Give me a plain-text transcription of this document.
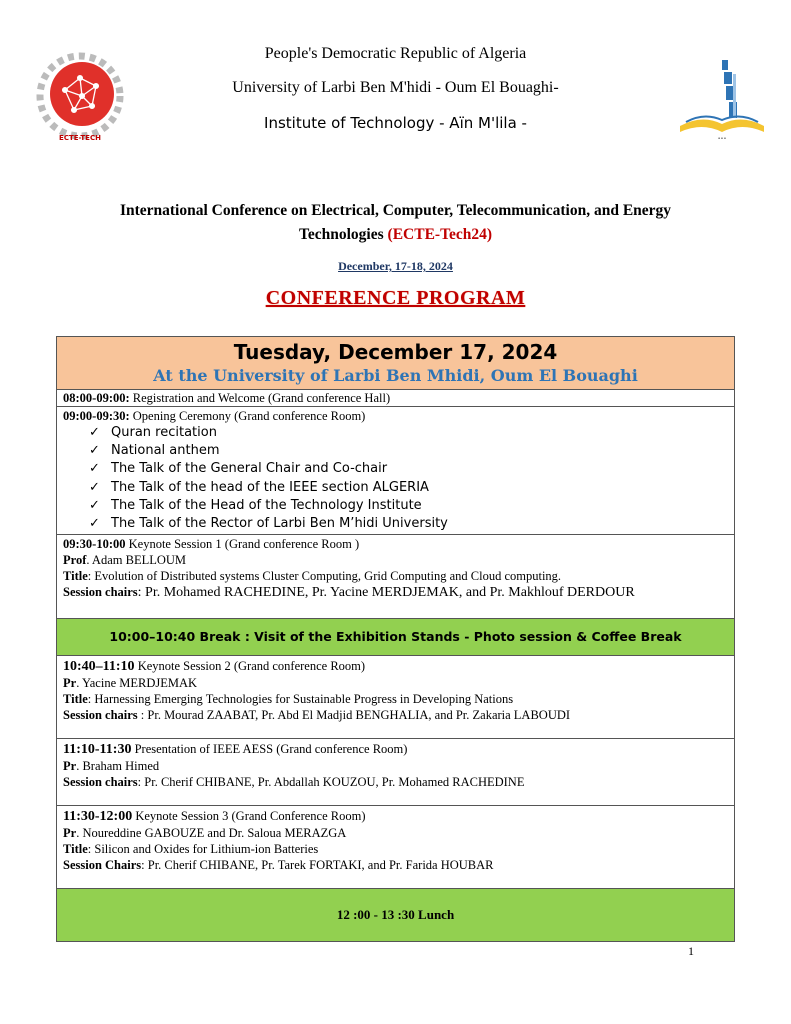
ECTE-TECH	•••
People's Democratic Republic of Algeria
University of Larbi Ben M'hidi - Oum El Bouaghi-
Institute of Technology - Aïn M'lila -
International Conference on Electrical, Computer, Telecommunication, and Energy Technologies (ECTE-Tech24)
December, 17-18, 2024
CONFERENCE PROGRAM
Tuesday, December 17, 2024
At the University of Larbi Ben Mhidi, Oum El Bouaghi

08:00-09:00: Registration and Welcome (Grand conference Hall)

09:00-09:30: Opening Ceremony (Grand conference Room)
✓ Quran recitation
✓ National anthem
✓ The Talk of the General Chair and Co-chair
✓ The Talk of the head of the IEEE section ALGERIA
✓ The Talk of the Head of the Technology Institute
✓ The Talk of the Rector of Larbi Ben M’hidi University

09:30-10:00 Keynote Session 1 (Grand conference Room )
Prof. Adam BELLOUM
Title: Evolution of Distributed systems Cluster Computing, Grid Computing and Cloud computing.
Session chairs: Pr. Mohamed RACHEDINE, Pr. Yacine MERDJEMAK, and Pr. Makhlouf DERDOUR

10:00–10:40 Break : Visit of the Exhibition Stands - Photo session & Coffee Break

10:40–11:10 Keynote Session 2 (Grand conference Room)
Pr. Yacine MERDJEMAK
Title: Harnessing Emerging Technologies for Sustainable Progress in Developing Nations
Session chairs : Pr. Mourad ZAABAT, Pr. Abd El Madjid BENGHALIA, and Pr. Zakaria LABOUDI

11:10-11:30 Presentation of IEEE AESS (Grand conference Room)
Pr. Braham Himed
Session chairs: Pr. Cherif CHIBANE, Pr. Abdallah KOUZOU, Pr. Mohamed RACHEDINE

11:30-12:00 Keynote Session 3 (Grand Conference Room)
Pr. Noureddine GABOUZE and Dr. Saloua MERAZGA
Title: Silicon and Oxides for Lithium-ion Batteries
Session Chairs: Pr. Cherif CHIBANE, Pr. Tarek FORTAKI, and Pr. Farida HOUBAR

12 :00 - 13 :30 Lunch
1
